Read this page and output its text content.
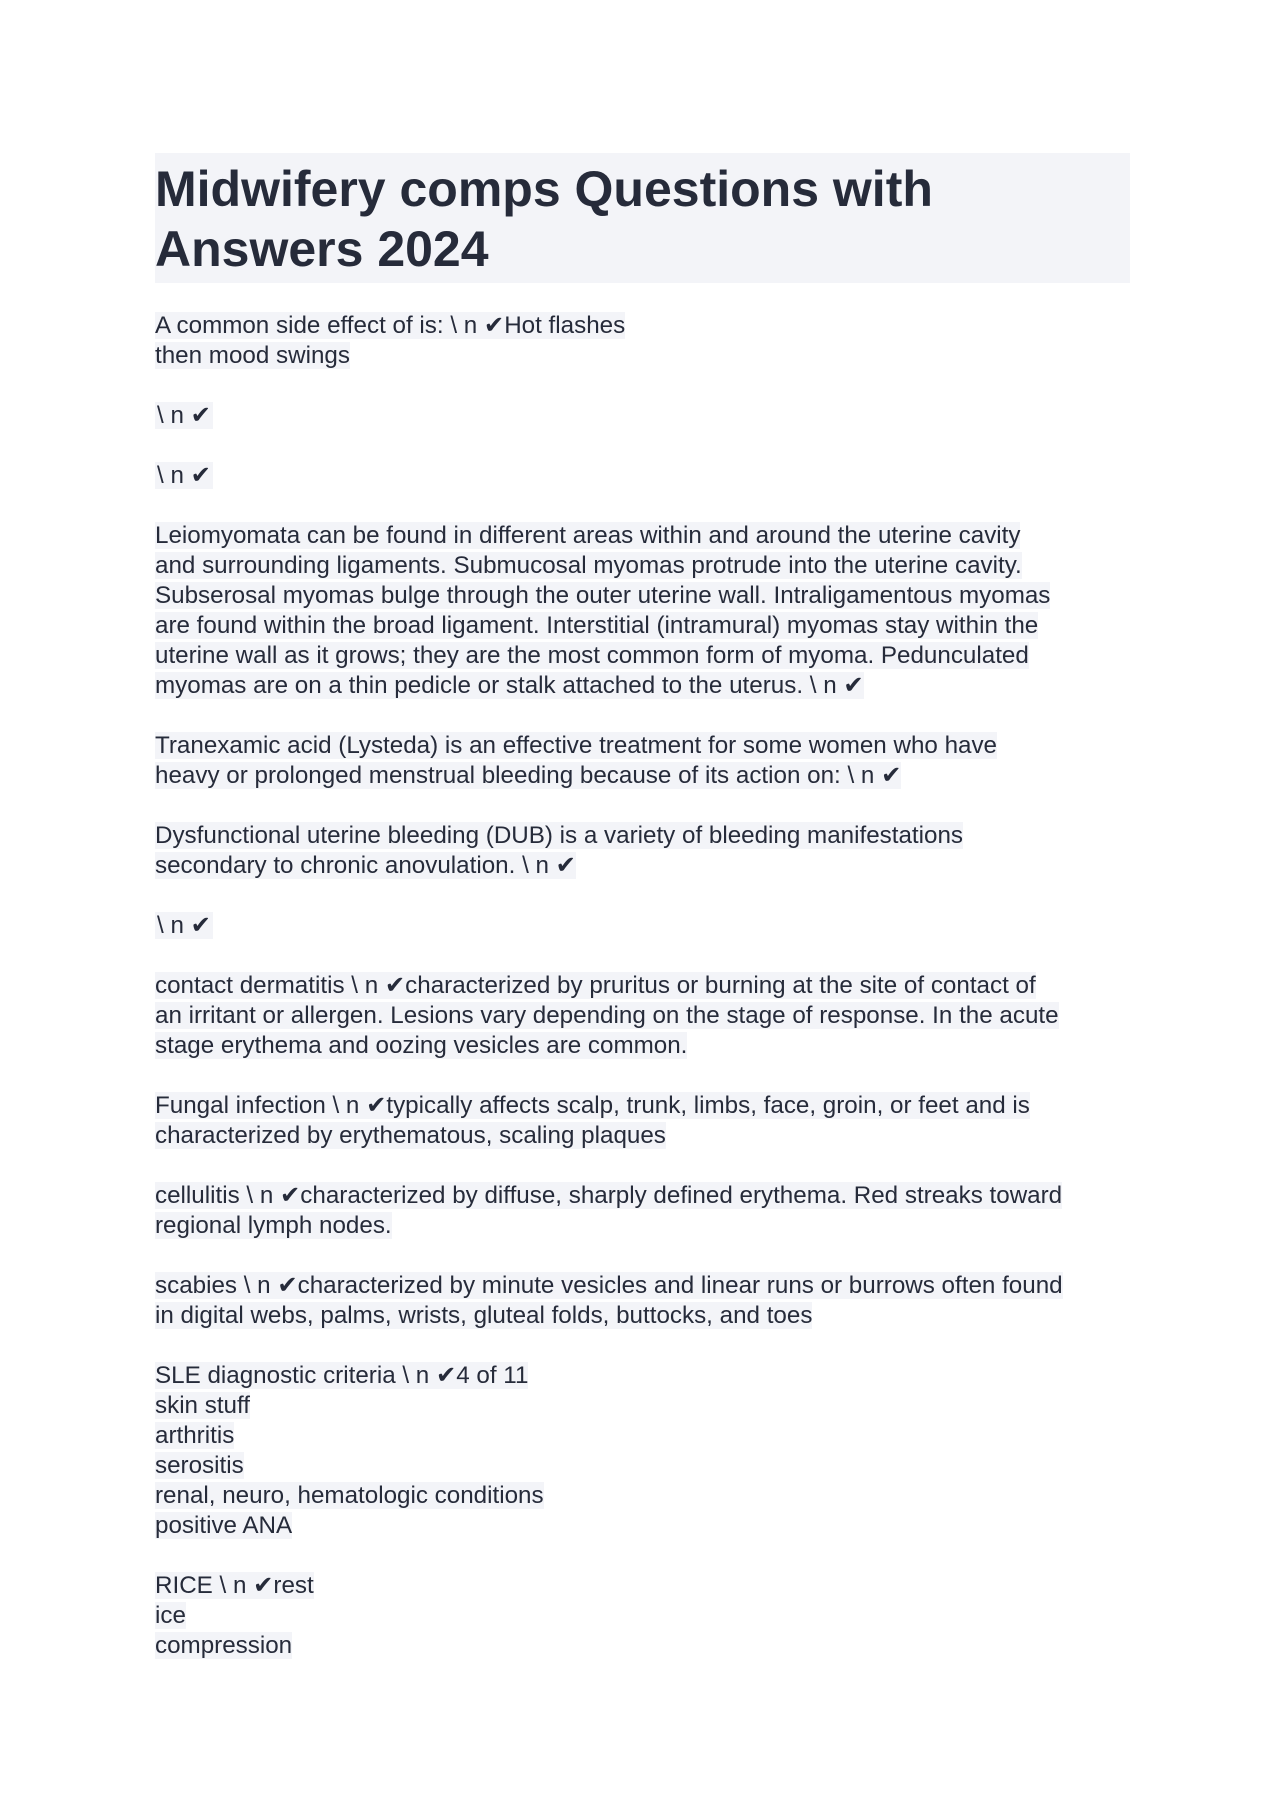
Midwifery comps Questions with Answers 2024
A common side effect of is: \ n ✔Hot flashes
then mood swings
\ n ✔
\ n ✔
Leiomyomata can be found in different areas within and around the uterine cavity
and surrounding ligaments. Submucosal myomas protrude into the uterine cavity.
Subserosal myomas bulge through the outer uterine wall. Intraligamentous myomas
are found within the broad ligament. Interstitial (intramural) myomas stay within the
uterine wall as it grows; they are the most common form of myoma. Pedunculated
myomas are on a thin pedicle or stalk attached to the uterus. \ n ✔
Tranexamic acid (Lysteda) is an effective treatment for some women who have
heavy or prolonged menstrual bleeding because of its action on: \ n ✔
Dysfunctional uterine bleeding (DUB) is a variety of bleeding manifestations
secondary to chronic anovulation. \ n ✔
\ n ✔
contact dermatitis \ n ✔characterized by pruritus or burning at the site of contact of
an irritant or allergen. Lesions vary depending on the stage of response. In the acute
stage erythema and oozing vesicles are common.
Fungal infection \ n ✔typically affects scalp, trunk, limbs, face, groin, or feet and is
characterized by erythematous, scaling plaques
cellulitis \ n ✔characterized by diffuse, sharply defined erythema. Red streaks toward
regional lymph nodes.
scabies \ n ✔characterized by minute vesicles and linear runs or burrows often found
in digital webs, palms, wrists, gluteal folds, buttocks, and toes
SLE diagnostic criteria \ n ✔4 of 11
skin stuff
arthritis
serositis
renal, neuro, hematologic conditions
positive ANA
RICE \ n ✔rest
ice
compression
